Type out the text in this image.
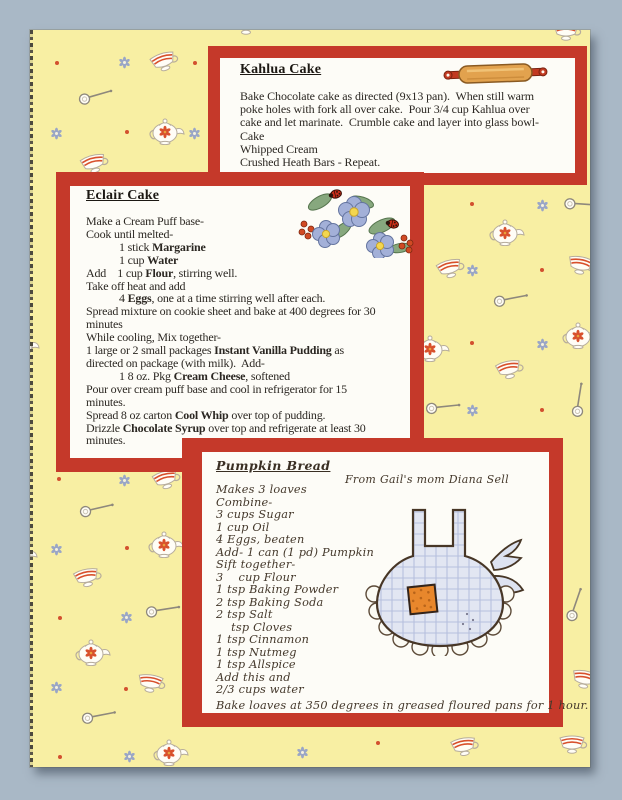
Kahlua Cake
Bake Chocolate cake as directed (9x13 pan).  When still warm
poke holes with fork all over cake.  Pour 3/4 cup Kahlua over
cake and let marinate.  Crumble cake and layer into glass bowl-
Cake
Whipped Cream
Crushed Heath Bars - Repeat.
Eclair Cake
Make a Cream Puff base-
Cook until melted-
1 stick Margarine
1 cup Water
Add    1 cup Flour, stirring well.
Take off heat and add
4 Eggs, one at a time stirring well after each.
Spread mixture on cookie sheet and bake at 400 degrees for 30
minutes
While cooling, Mix together-
1 large or 2 small packages Instant Vanilla Pudding as
directed on package (with milk).  Add-
1 8 oz. Pkg Cream Cheese, softened
Pour over cream puff base and cool in refrigerator for 15
minutes.
Spread 8 oz carton Cool Whip over top of pudding.
Drizzle Chocolate Syrup over top and refrigerate at least 30
minutes.
Pumpkin Bread
From Gail's mom Diana Sell
Makes 3 loaves
Combine-
3 cups Sugar
1 cup Oil
4 Eggs, beaten
Add- 1 can (1 pd) Pumpkin
Sift together-
3    cup Flour
1 tsp Baking Powder
2 tsp Baking Soda
2 tsp Salt
tsp Cloves
1 tsp Cinnamon
1 tsp Nutmeg
1 tsp Allspice
Add this and
2/3 cups water
Bake loaves at 350 degrees in greased floured pans for 1 hour.
